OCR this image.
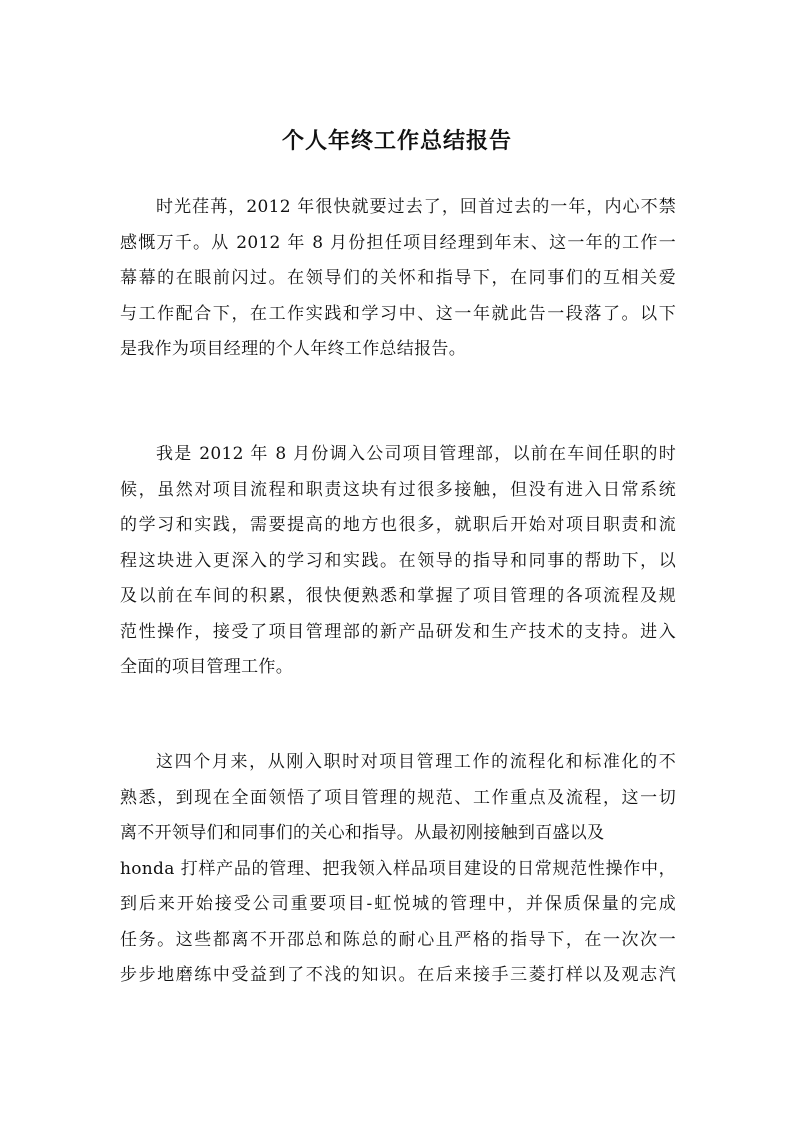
个人年终工作总结报告
时光荏苒，2012 年很快就要过去了，回首过去的一年，内心不禁
感慨万千。从 2012 年 8 月份担任项目经理到年末、这一年的工作一
幕幕的在眼前闪过。在领导们的关怀和指导下，在同事们的互相关爱
与工作配合下，在工作实践和学习中、这一年就此告一段落了。以下
是我作为项目经理的个人年终工作总结报告。
我是 2012 年 8 月份调入公司项目管理部，以前在车间任职的时
候，虽然对项目流程和职责这块有过很多接触，但没有进入日常系统
的学习和实践，需要提高的地方也很多，就职后开始对项目职责和流
程这块进入更深入的学习和实践。在领导的指导和同事的帮助下，以
及以前在车间的积累，很快便熟悉和掌握了项目管理的各项流程及规
范性操作，接受了项目管理部的新产品研发和生产技术的支持。进入
全面的项目管理工作。
这四个月来，从刚入职时对项目管理工作的流程化和标准化的不
熟悉，到现在全面领悟了项目管理的规范、工作重点及流程，这一切
离不开领导们和同事们的关心和指导。从最初刚接触到百盛以及
honda 打样产品的管理、把我领入样品项目建设的日常规范性操作中，
到后来开始接受公司重要项目-虹悦城的管理中，并保质保量的完成
任务。这些都离不开邵总和陈总的耐心且严格的指导下，在一次次一
步步地磨练中受益到了不浅的知识。在后来接手三菱打样以及观志汽
